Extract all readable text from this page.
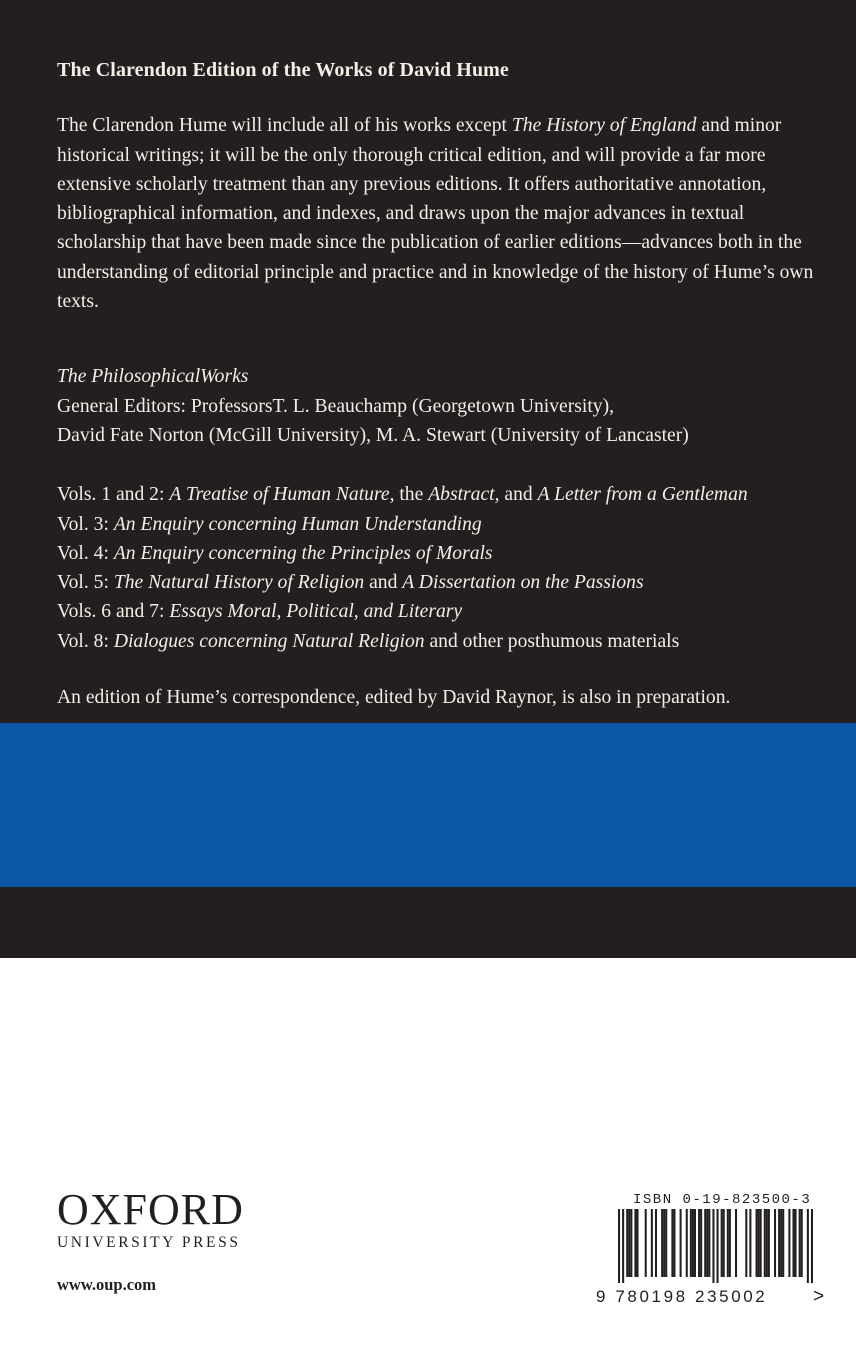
The Clarendon Edition of the Works of David Hume

The Clarendon Hume will include all of his works except The History of England and minor historical writings; it will be the only thorough critical edition, and will provide a far more extensive scholarly treatment than any previous editions. It offers authoritative annotation, bibliographical information, and indexes, and draws upon the major advances in textual scholarship that have been made since the publication of earlier editions—advances both in the understanding of editorial principle and practice and in knowledge of the history of Hume’s own texts.

The PhilosophicalWorks

General Editors: ProfessorsT. L. Beauchamp (Georgetown University),

David Fate Norton (McGill University), M. A. Stewart (University of Lancaster)

Vols. 1 and 2: A Treatise of Human Nature, the Abstract, and A Letter from a Gentleman

Vol. 3: An Enquiry concerning Human Understanding

Vol. 4: An Enquiry concerning the Principles of Morals

Vol. 5: The Natural History of Religion and A Dissertation on the Passions

Vols. 6 and 7: Essays Moral, Political, and Literary

Vol. 8: Dialogues concerning Natural Religion and other posthumous materials

An edition of Hume’s correspondence, edited by David Raynor, is also in preparation.

OXFORD
UNIVERSITY PRESS
www.oup.com
ISBN 0-19-823500-3
9 780198 235002 >
